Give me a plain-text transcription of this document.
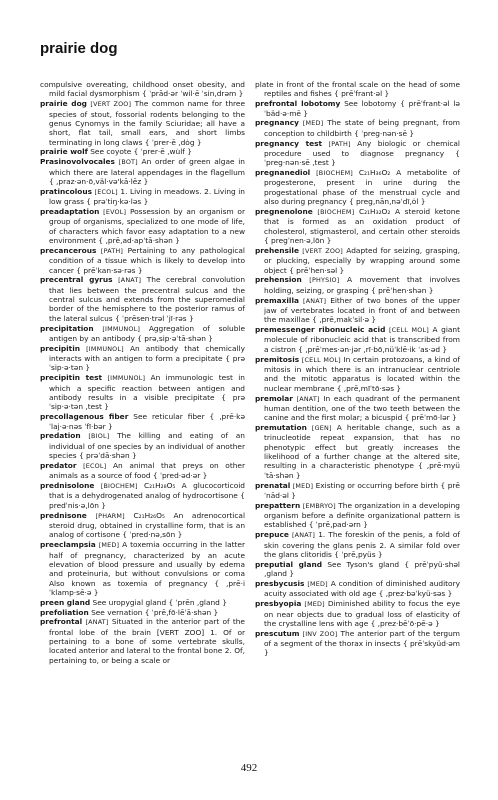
prairie dog

compulsive overeating, childhood onset obesity, and mild facial dysmorphism { ˈprād·ər ˈwil·ē ˈsin‚drəm }

prairie dog [VERT ZOO] The common name for three species of stout, fossorial rodents belonging to the genus Cynomys in the family Sciuridae; all have a short, flat tail, small ears, and short limbs terminating in long claws { ˈprer·ē ‚dȯg }

prairie wolf See coyote { ˈprer·ē ‚wu̇lf }

Prasinovolvocales [BOT] An order of green algae in which there are lateral appendages in the flagellum { ‚praz·ən·ō‚väl·və'kā·lēz }

pratincolous [ECOL] 1. Living in meadows. 2. Living in low grass { prəˈtiŋ·kə·ləs }

preadaptation [EVOL] Possession by an organism or group of organisms, specialized to one mode of life, of characters which favor easy adaptation to a new environment { ‚prē‚ad·apˈtā·shən }

precancerous [PATH] Pertaining to any pathological condition of a tissue which is likely to develop into cancer { prēˈkan·sə·rəs }

precentral gyrus [ANAT] The cerebral convolution that lies between the precentral sulcus and the central sulcus and extends from the superomedial border of the hemisphere to the posterior ramus of the lateral sulcus { ˈprēsen·trəl ˈjī·rəs }

precipitation [IMMUNOL] Aggregation of soluble antigen by an antibody { prə‚sip·əˈtā·shən }

precipitin [IMMUNOL] An antibody that chemically interacts with an antigen to form a precipitate { prəˈsip·ə·tən }

precipitin test [IMMUNOL] An immunologic test in which a specific reaction between antigen and antibody results in a visible precipitate { prəˈsip·ə·tən ‚test }

precollagenous fiber See reticular fiber { ‚prē·kəˈlaj·ə·nəs ˈfī·bər }

predation [BIOL] The killing and eating of an individual of one species by an individual of another species { prəˈdā·shən }

predator [ECOL] An animal that preys on other animals as a source of food { ˈpred·əd·ər }

prednisolone [BIOCHEM] C₂₁H₂₈O₅ A glucocorticoid that is a dehydrogenated analog of hydrocortisone { predˈnis·ə‚lōn }

prednisone [PHARM] C₂₁H₂₆O₅ An adrenocortical steroid drug, obtained in crystalline form, that is an analog of cortisone { ˈpred·nə‚sōn }

preeclampsia [MED] A toxemia occurring in the latter half of pregnancy, characterized by an acute elevation of blood pressure and usually by edema and proteinuria, but without convulsions or coma Also known as toxemia of pregnancy { ‚prē·iˈklamp·sē·ə }

preen gland See uropygial gland { ˈprēn ‚gland }

prefoliation See vernation { ˈprē‚fō·lēˈā·shən }

prefrontal [ANAT] Situated in the anterior part of the frontal lobe of the brain [VERT ZOO] 1. Of or pertaining to a bone of some vertebrate skulls, located anterior and lateral to the frontal bone 2. Of, pertaining to, or being a scale or

plate in front of the frontal scale on the head of some reptiles and fishes { prēˈfrant·əl }

prefrontal lobotomy See lobotomy { prēˈfrant·əl ləˈbäd·ə·mē }

pregnancy [MED] The state of being pregnant, from conception to childbirth { ˈpreg·nən·sē }

pregnancy test [PATH] Any biologic or chemical procedure used to diagnose pregnancy { ˈpreg·nən·sē ‚test }

pregnanediol [BIOCHEM] C₂₁H₃₆O₂ A metabolite of progesterone, present in urine during the progestational phase of the menstrual cycle and also during pregnancy { preg‚nān‚nəˈdī‚ȯl }

pregnenolone [BIOCHEM] C₂₁H₃₂O₂ A steroid ketone that is formed as an oxidation product of cholesterol, stigmasterol, and certain other steroids { pregˈnen·ə‚lōn }

prehensile [VERT ZOO] Adapted for seizing, grasping, or plucking, especially by wrapping around some object { prēˈhen·səl }

prehension [PHYSIO] A movement that involves holding, seizing, or grasping { prēˈhen·shən }

premaxilla [ANAT] Either of two bones of the upper jaw of vertebrates located in front of and between the maxillae { ‚prē‚makˈsil·ə }

premessenger ribonucleic acid [CELL MOL] A giant molecule of ribonucleic acid that is transcribed from a cistron { ‚prēˈmes·ən·jər ‚rī·bō‚nüˈklē·ik ˈas·əd }

premitosis [CELL MOL] In certain protozoans, a kind of mitosis in which there is an intranuclear centriole and the mitotic apparatus is located within the nuclear membrane { ‚prē‚mīˈtō·səs }

premolar [ANAT] In each quadrant of the permanent human dentition, one of the two teeth between the canine and the first molar; a bicuspid { prēˈmō·lər }

premutation [GEN] A heritable change, such as a trinucleotide repeat expansion, that has no phenotypic effect but greatly increases the likelihood of a further change at the altered site, resulting in a characteristic phenotype { ‚prē·myüˈtā·shən }

prenatal [MED] Existing or occurring before birth { prēˈnād·əl }

prepattern [EMBRYO] The organization in a developing organism before a definite organizational pattern is established { ˈprē‚pad·ərn }

prepuce [ANAT] 1. The foreskin of the penis, a fold of skin covering the glans penis 2. A similar fold over the glans clitoridis { ˈprē‚pyüs }

preputial gland See Tyson's gland { prēˈpyü·shəl ‚gland }

presbycusis [MED] A condition of diminished auditory acuity associated with old age { ‚prez·bəˈkyü·səs }

presbyopia [MED] Diminished ability to focus the eye on near objects due to gradual loss of elasticity of the crystalline lens with age { ‚prez·bēˈō·pē·ə }

prescutum [INV ZOO] The anterior part of the tergum of a segment of the thorax in insects { prēˈskyüd·əm }

492
